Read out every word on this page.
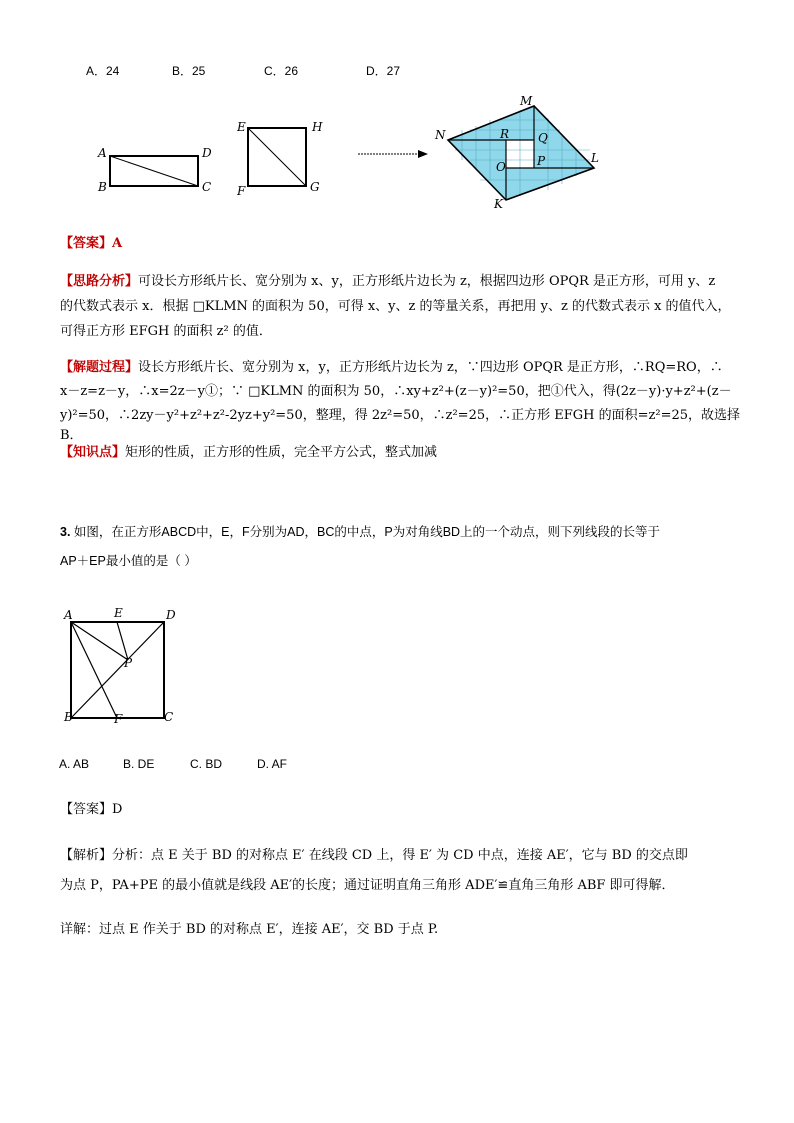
A．24	B．25	C．26	D．27
A
B	C
D
E
F	G
H
M
N
K
L
R Q
O	P
【答案】A
【思路分析】可设长方形纸片长、宽分别为 x、y，正方形纸片边长为 z，根据四边形 OPQR 是正方形，可用 y、z
的代数式表示 x．根据 □KLMN 的面积为 50，可得 x、y、z 的等量关系，再把用 y、z 的代数式表示 x 的值代入，
可得正方形 EFGH 的面积 z² 的值．
【解题过程】设长方形纸片长、宽分别为 x，y，正方形纸片边长为 z，∵四边形 OPQR 是正方形，∴RQ=RO，∴
x－z=z－y，∴x=2z－y①；∵ □KLMN 的面积为 50，∴xy+z²+(z－y)²=50，把①代入，得(2z－y)·y+z²+(z－
y)²=50，∴2zy－y²+z²+z²-2yz+y²=50，整理，得 2z²=50，∴z²=25，∴正方形 EFGH 的面积=z²=25，故选择 B．
【知识点】矩形的性质，正方形的性质，完全平方公式，整式加减
3. 如图，在正方形ABCD中，E，F分别为AD，BC的中点，P为对角线BD上的一个动点，则下列线段的长等于
AP＋EP最小值的是（ ）
A	E	D
P
B	F	C
A. AB	B. DE	C. BD	D. AF
【答案】D
【解析】分析：点 E 关于 BD 的对称点 E′ 在线段 CD 上，得 E′ 为 CD 中点，连接 AE′，它与 BD 的交点即
为点 P，PA+PE 的最小值就是线段 AE′的长度；通过证明直角三角形 ADE′≌直角三角形 ABF 即可得解．
详解：过点 E 作关于 BD 的对称点 E′，连接 AE′，交 BD 于点 P.
